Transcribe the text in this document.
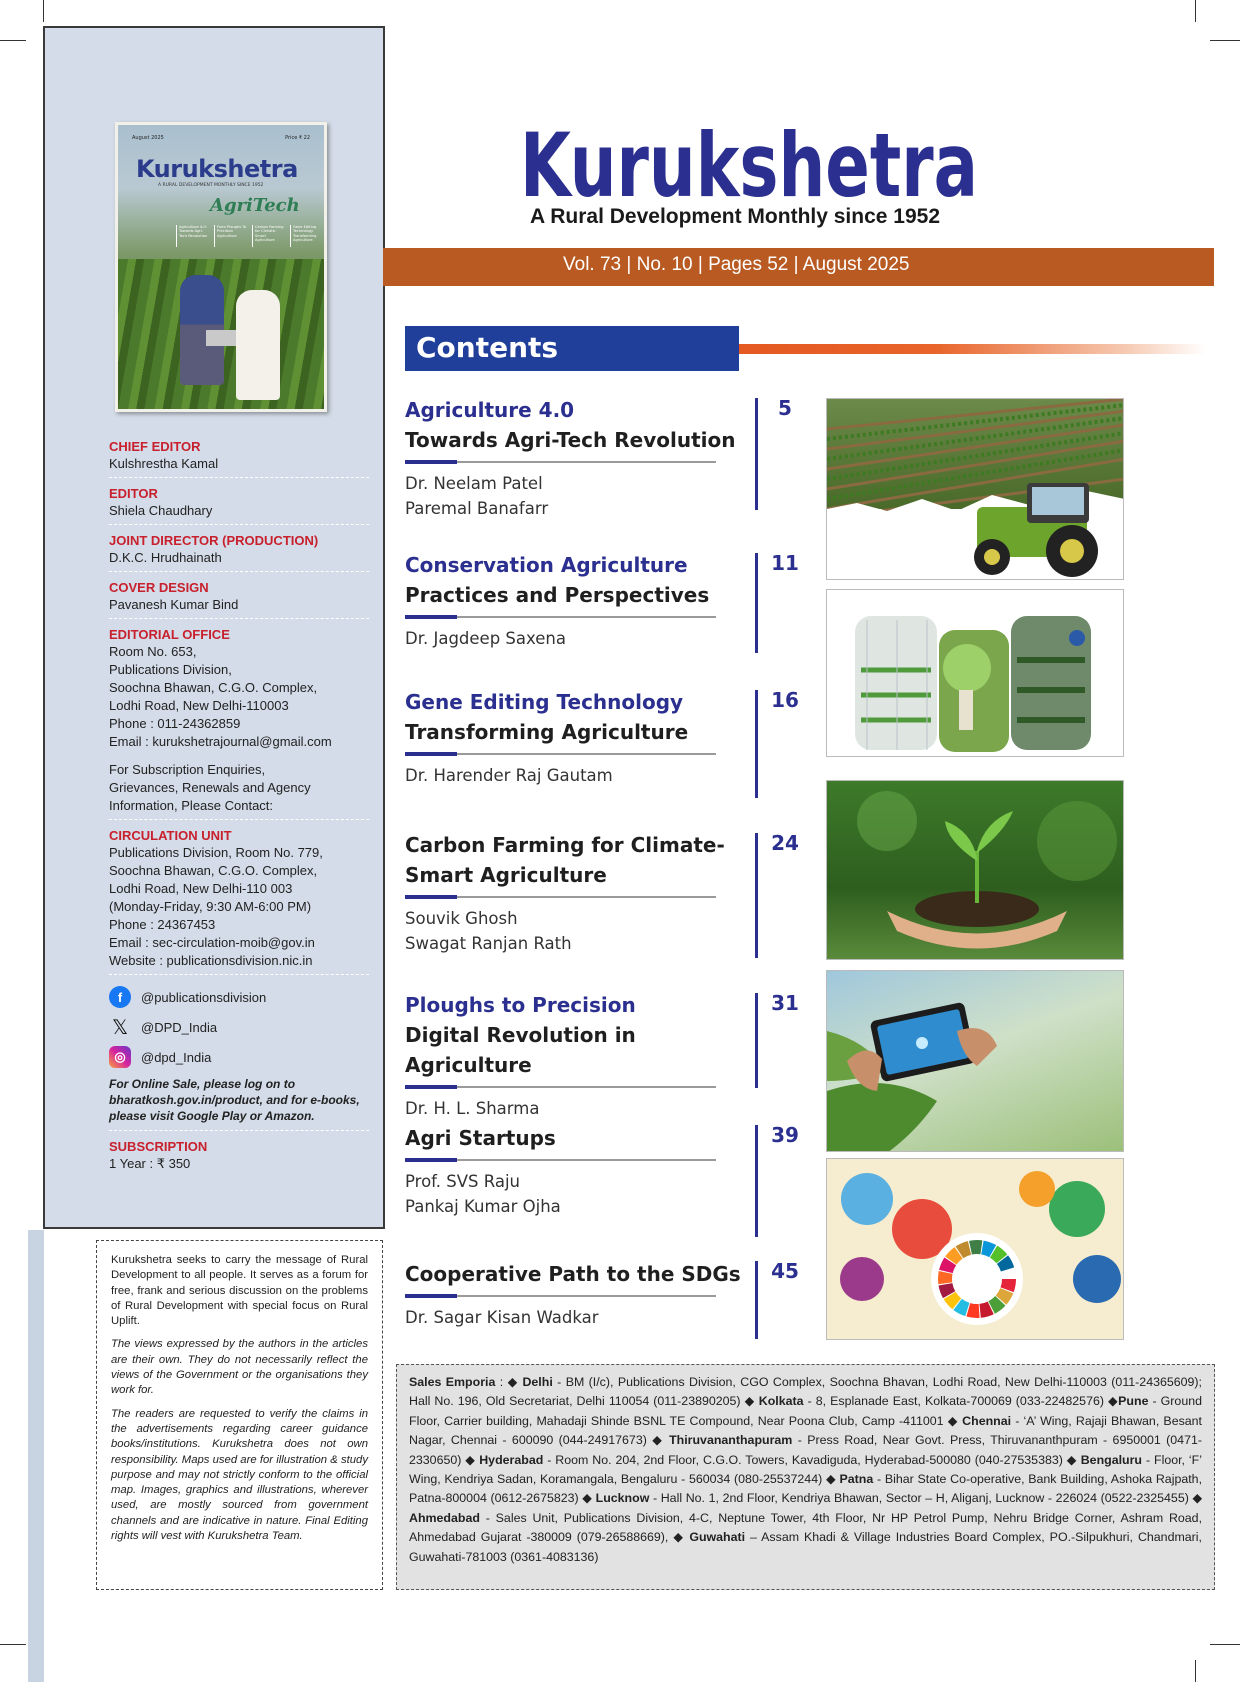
August 2025	Price ₹ 22
Kurukshetra
A RURAL DEVELOPMENT MONTHLY SINCE 1952
AgriTech
Agriculture 4.0: Towards Agri-Tech Revolution
From Ploughs To Precision Agriculture
Carbon Farming for Climate-Smart Agriculture
Gene Editing Technology Transforming Agriculture
CHIEF EDITOR
Kulshrestha Kamal
EDITOR
Shiela Chaudhary
JOINT DIRECTOR (PRODUCTION)
D.K.C. Hrudhainath
COVER DESIGN
Pavanesh Kumar Bind
EDITORIAL OFFICE
Room No. 653,
Publications Division,
Soochna Bhawan, C.G.O. Complex,
Lodhi Road, New Delhi-110003
Phone : 011-24362859
Email : kurukshetrajournal@gmail.com
For Subscription Enquiries,
Grievances, Renewals and Agency
Information, Please Contact:
CIRCULATION UNIT
Publications Division, Room No. 779,
Soochna Bhawan, C.G.O. Complex,
Lodhi Road, New Delhi-110 003
(Monday-Friday, 9:30 AM-6:00 PM)
Phone : 24367453
Email : sec-circulation-moib@gov.in
Website : publicationsdivision.nic.in
f	@publicationsdivision
𝕏 @DPD_India
◎	@dpd_India
For Online Sale, please log on to bharatkosh.gov.in/product, and for e-books, please visit Google Play or Amazon.
SUBSCRIPTION
1 Year : ₹ 350

Kurukshetra seeks to carry the message of Rural Development to all people. It serves as a forum for free, frank and serious discussion on the problems of Rural Development with special focus on Rural Uplift.

The views expressed by the authors in the articles are their own. They do not necessarily reflect the views of the Government or the organisations they work for.

The readers are requested to verify the claims in the advertisements regarding career guidance books/institutions. Kurukshetra does not own responsibility. Maps used are for illustration & study purpose and may not strictly conform to the official map. Images, graphics and illustrations, wherever used, are mostly sourced from government channels and are indicative in nature. Final Editing rights will vest with Kurukshetra Team.

Kurukshetra
A Rural Development Monthly since 1952
Vol. 73 | No. 10 | Pages 52 | August 2025
Contents
Agriculture 4.0
Towards Agri-Tech Revolution
Dr. Neelam Patel
Paremal Banafarr
5
Conservation Agriculture
Practices and Perspectives
Dr. Jagdeep Saxena
11
Gene Editing Technology
Transforming Agriculture
Dr. Harender Raj Gautam
16
Carbon Farming for Climate-
Smart Agriculture
Souvik Ghosh
Swagat Ranjan Rath
24
Ploughs to Precision
Digital Revolution in Agriculture
Dr. H. L. Sharma
31
Agri Startups
Prof. SVS Raju
Pankaj Kumar Ojha
39
Cooperative Path to the SDGs
Dr. Sagar Kisan Wadkar
45
Sales Emporia : ◆ Delhi - BM (I/c), Publications Division, CGO Complex, Soochna Bhavan, Lodhi Road, New Delhi-110003 (011-24365609); Hall No. 196, Old Secretariat, Delhi 110054 (011-23890205) ◆ Kolkata - 8, Esplanade East, Kolkata-700069 (033-22482576) ◆Pune - Ground Floor, Carrier building, Mahadaji Shinde BSNL TE Compound, Near Poona Club, Camp -411001 ◆ Chennai - ‘A’ Wing, Rajaji Bhawan, Besant Nagar, Chennai - 600090 (044-24917673) ◆ Thiruvananthapuram - Press Road, Near Govt. Press, Thiruvananthpuram - 6950001 (0471-2330650) ◆ Hyderabad - Room No. 204, 2nd Floor, C.G.O. Towers, Kavadiguda, Hyderabad-500080 (040-27535383) ◆ Bengaluru - Floor, ‘F’ Wing, Kendriya Sadan, Koramangala, Bengaluru - 560034 (080-25537244) ◆ Patna - Bihar State Co-operative, Bank Building, Ashoka Rajpath, Patna-800004 (0612-2675823) ◆ Lucknow - Hall No. 1, 2nd Floor, Kendriya Bhawan, Sector – H, Aliganj, Lucknow - 226024 (0522-2325455) ◆ Ahmedabad - Sales Unit, Publications Division, 4-C, Neptune Tower, 4th Floor, Nr HP Petrol Pump, Nehru Bridge Corner, Ashram Road, Ahmedabad Gujarat -380009 (079-26588669), ◆ Guwahati – Assam Khadi & Village Industries Board Complex, PO.-Silpukhuri, Chandmari, Guwahati-781003 (0361-4083136)
